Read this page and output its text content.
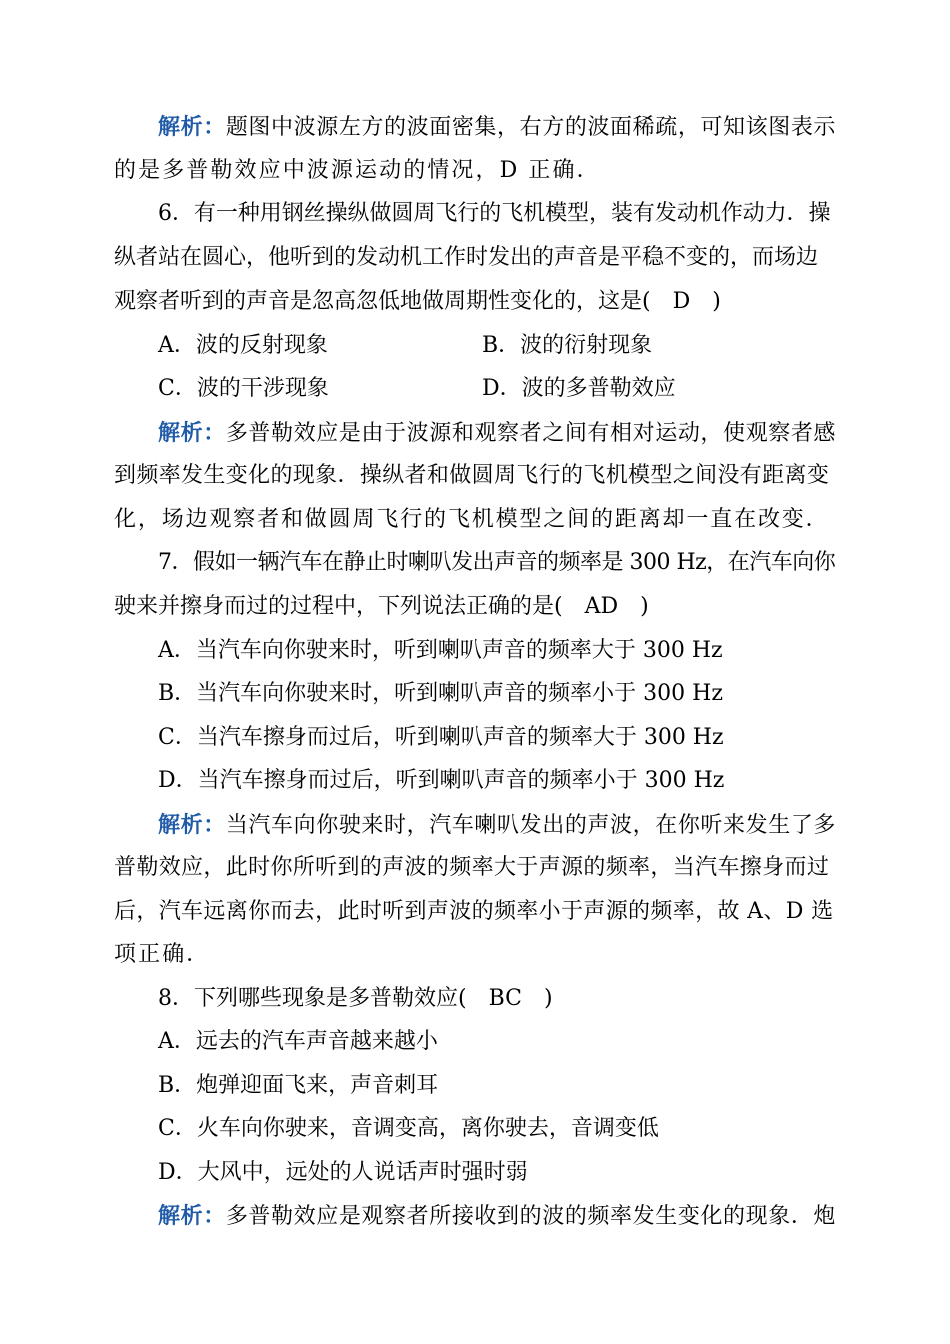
解析：题图中波源左方的波面密集，右方的波面稀疏，可知该图表示
的是多普勒效应中波源运动的情况，D 正确．
6．有一种用钢丝操纵做圆周飞行的飞机模型，装有发动机作动力．操
纵者站在圆心，他听到的发动机工作时发出的声音是平稳不变的，而场边
观察者听到的声音是忽高忽低地做周期性变化的，这是(　D　)
A．波的反射现象	B．波的衍射现象
C．波的干涉现象	D．波的多普勒效应
解析：多普勒效应是由于波源和观察者之间有相对运动，使观察者感
到频率发生变化的现象．操纵者和做圆周飞行的飞机模型之间没有距离变
化，场边观察者和做圆周飞行的飞机模型之间的距离却一直在改变．
7．假如一辆汽车在静止时喇叭发出声音的频率是 300 Hz，在汽车向你
驶来并擦身而过的过程中，下列说法正确的是(　AD　)
A．当汽车向你驶来时，听到喇叭声音的频率大于 300 Hz
B．当汽车向你驶来时，听到喇叭声音的频率小于 300 Hz
C．当汽车擦身而过后，听到喇叭声音的频率大于 300 Hz
D．当汽车擦身而过后，听到喇叭声音的频率小于 300 Hz
解析：当汽车向你驶来时，汽车喇叭发出的声波，在你听来发生了多
普勒效应，此时你所听到的声波的频率大于声源的频率，当汽车擦身而过
后，汽车远离你而去，此时听到声波的频率小于声源的频率，故 A、D 选
项正确．
8．下列哪些现象是多普勒效应(　BC　)
A．远去的汽车声音越来越小
B．炮弹迎面飞来，声音刺耳
C．火车向你驶来，音调变高，离你驶去，音调变低
D．大风中，远处的人说话声时强时弱
解析：多普勒效应是观察者所接收到的波的频率发生变化的现象．炮
